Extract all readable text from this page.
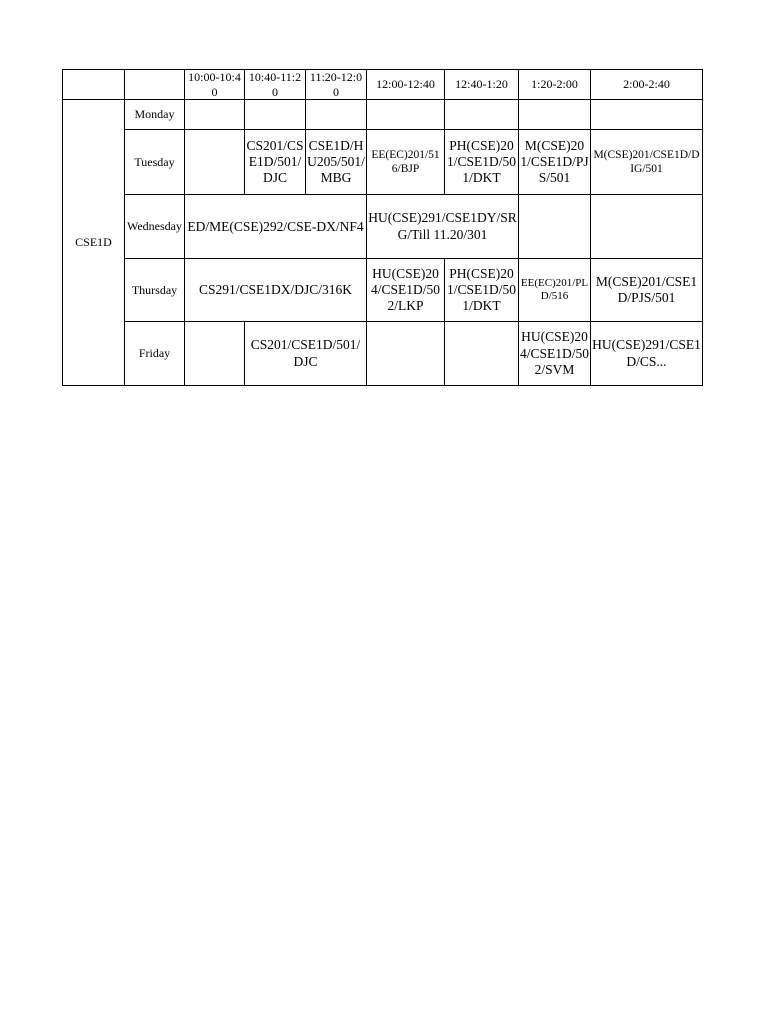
		10:00-10:40	10:40-11:20	11:20-12:00	12:00-12:40	12:40-1:20	1:20-2:00	2:00-2:40
CSE1D	Monday							
	Tuesday		CS201/CSE1D/501/DJC	CSE1D/HU205/501/MBG	EE(EC)201/516/BJP	PH(CSE)201/CSE1D/501/DKT	M(CSE)201/CSE1D/PJS/501	M(CSE)201/CSE1D/DIG/501
	Wednesday	ED/ME(CSE)292/CSE-DX/NF4			HU(CSE)291/CSE1DY/SRG/Till 11.20/301			
	Thursday	CS291/CSE1DX/DJC/316K			HU(CSE)204/CSE1D/502/LKP	PH(CSE)201/CSE1D/501/DKT	EE(EC)201/PLD/516	M(CSE)201/CSE1D/PJS/501
	Friday		CS201/CSE1D/501/DJC				HU(CSE)204/CSE1D/502/SVM	HU(CSE)291/CSE1D/CS...
